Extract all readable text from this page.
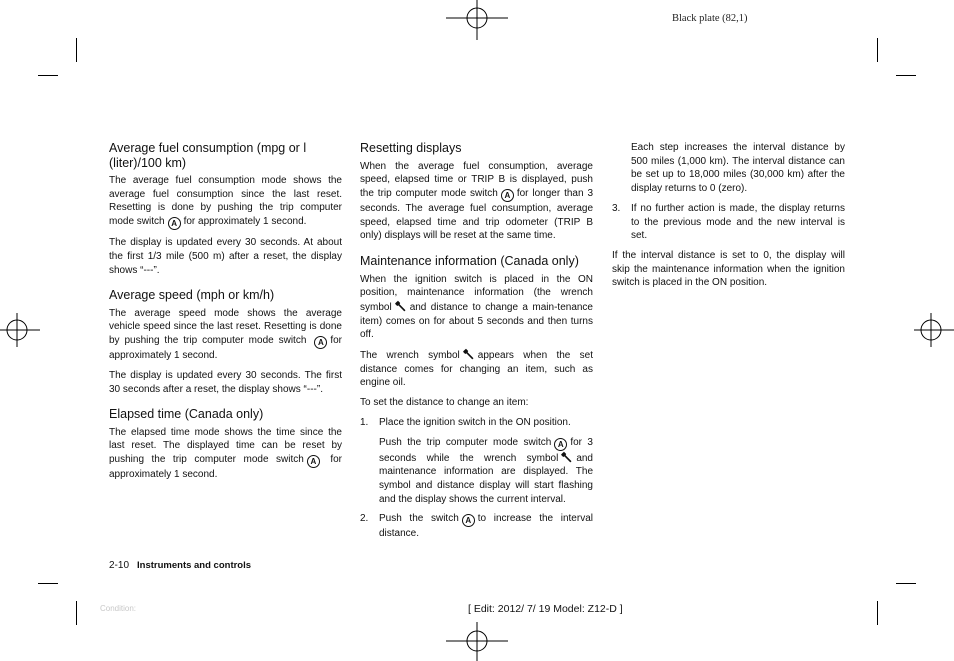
Black plate (82,1)
Average fuel consumption (mpg or l (liter)/100 km)

The average fuel consumption mode shows the average fuel consumption since the last reset. Resetting is done by pushing the trip computer mode switch A for approximately 1 second.

The display is updated every 30 seconds. At about the first 1/3 mile (500 m) after a reset, the display shows “---”.

Average speed (mph or km/h)

The average speed mode shows the average vehicle speed since the last reset. Resetting is done by pushing the trip computer mode switch A for approximately 1 second.

The display is updated every 30 seconds. The first 30 seconds after a reset, the display shows “---”.

Elapsed time (Canada only)

The elapsed time mode shows the time since the last reset. The displayed time can be reset by pushing the trip computer mode switch A for approximately 1 second.

Resetting displays

When the average fuel consumption, average speed, elapsed time or TRIP B is displayed, push the trip computer mode switch A for longer than 3 seconds. The average fuel consumption, average speed, elapsed time and trip odometer (TRIP B only) displays will be reset at the same time.

Maintenance information (Canada only)

When the ignition switch is placed in the ON position, maintenance information (the wrench symbol and distance to change a main-tenance item) comes on for about 5 seconds and then turns off.

The wrench symbol appears when the set distance comes for changing an item, such as engine oil.

To set the distance to change an item:

1.	Place the ignition switch in the ON position.

Push the trip computer mode switch A for 3 seconds while the wrench symbol and maintenance information are displayed. The symbol and distance display will start flashing and the display shows the current interval.

2.	Push the switch A to increase the interval distance.

Each step increases the interval distance by 500 miles (1,000 km). The interval distance can be set up to 18,000 miles (30,000 km) after the display returns to 0 (zero).

3.	If no further action is made, the display returns to the previous mode and the new interval is set.

If the interval distance is set to 0, the display will skip the maintenance information when the ignition switch is placed in the ON position.

2-10 Instruments and controls
Condition:	[ Edit: 2012/ 7/ 19 Model: Z12-D ]
